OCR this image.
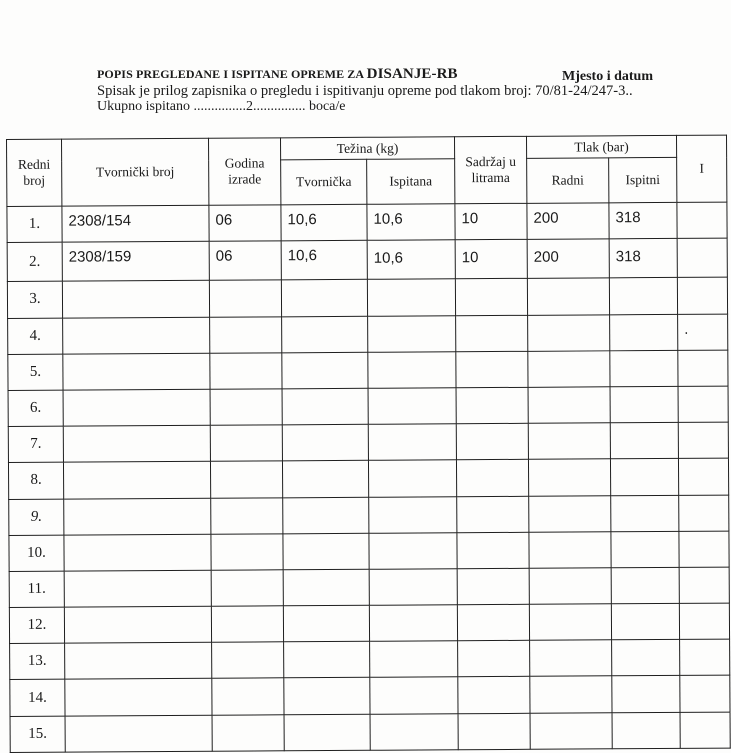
POPIS PREGLEDANE I ISPITANE OPREME ZA DISANJE-RB	Mjesto i datum
Spisak je prilog zapisnika o pregledu i ispitivanju opreme pod tlakom broj: 70/81-24/247-3..
Ukupno ispitano ...............2............... boca/e
Redni broj	Tvornički broj	Godina izrade	Težina (kg)		Sadržaj u litrama	Tlak (bar)		I
			Tvornička	Ispitana		Radni	Ispitni	
1.	2308/154	06	10,6	10,6	10	200	318	
2.	2308/159	06	10,6	10,6	10	200	318	
3.								
4.								.
5.								
6.								
7.								
8.								
9.								
10.								
11.								
12.								
13.								
14.								
15.								
